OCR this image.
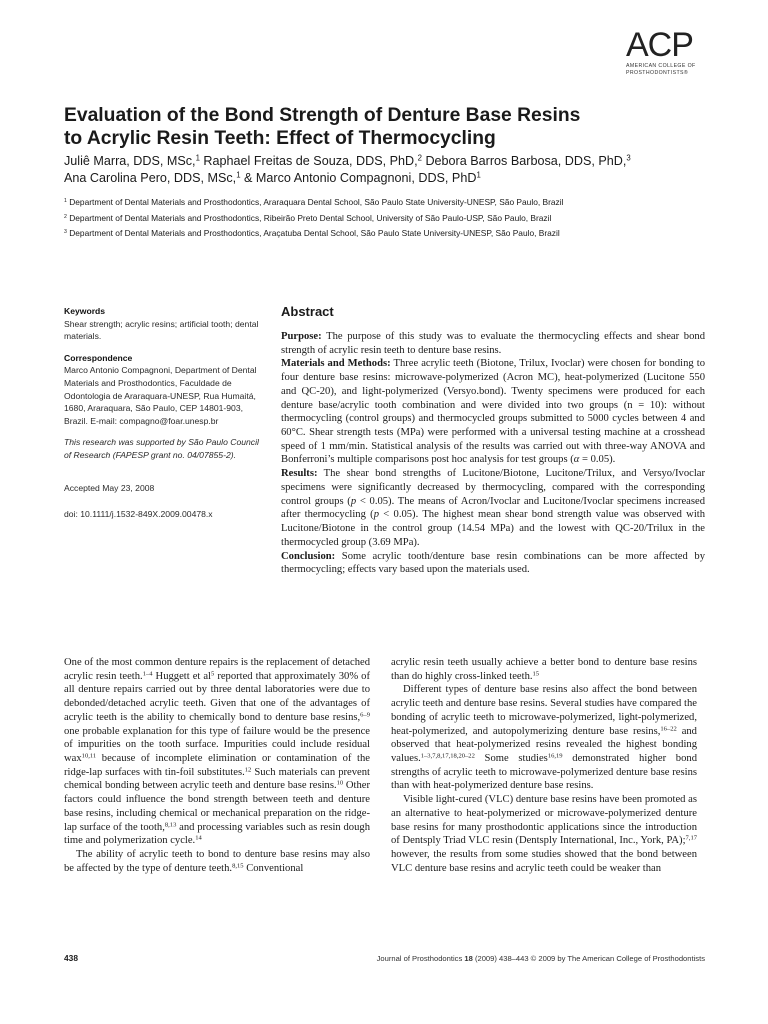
ACP
AMERICAN COLLEGE OF
PROSTHODONTISTS®
Evaluation of the Bond Strength of Denture Base Resins
to Acrylic Resin Teeth: Effect of Thermocycling
Juliê Marra, DDS, MSc,$^1$ Raphael Freitas de Souza, DDS, PhD,$^2$ Debora Barros Barbosa, DDS, PhD,$^3$
Ana Carolina Pero, DDS, MSc,$^1$ & Marco Antonio Compagnoni, DDS, PhD$^1$
$^1$ Department of Dental Materials and Prosthodontics, Araraquara Dental School, São Paulo State University-UNESP, São Paulo, Brazil
$^2$ Department of Dental Materials and Prosthodontics, Ribeirão Preto Dental School, University of São Paulo-USP, São Paulo, Brazil
$^3$ Department of Dental Materials and Prosthodontics, Araçatuba Dental School, São Paulo State University-UNESP, São Paulo, Brazil
Keywords
Shear strength; acrylic resins; artificial tooth; dental materials.
Correspondence
Marco Antonio Compagnoni, Department of Dental Materials and Prosthodontics, Faculdade de Odontologia de Araraquara-UNESP, Rua Humaitá, 1680, Araraquara, São Paulo, CEP 14801-903, Brazil. E-mail: compagno@foar.unesp.br
This research was supported by São Paulo Council of Research (FAPESP grant no. 04/07855-2).
Accepted May 23, 2008
doi: 10.1111/j.1532-849X.2009.00478.x
Abstract
Purpose: The purpose of this study was to evaluate the thermocycling effects and shear bond strength of acrylic resin teeth to denture base resins.
Materials and Methods: Three acrylic teeth (Biotone, Trilux, Ivoclar) were chosen for bonding to four denture base resins: microwave-polymerized (Acron MC), heat-polymerized (Lucitone 550 and QC-20), and light-polymerized (Versyo.bond). Twenty specimens were produced for each denture base/acrylic tooth combination and were divided into two groups (n = 10): without thermocycling (control groups) and thermocycled groups submitted to 5000 cycles between 4 and 60°C. Shear strength tests (MPa) were performed with a universal testing machine at a crosshead speed of 1 mm/min. Statistical analysis of the results was carried out with three-way ANOVA and Bonferroni’s multiple comparisons post hoc analysis for test groups (α = 0.05).
Results: The shear bond strengths of Lucitone/Biotone, Lucitone/Trilux, and Versyo/Ivoclar specimens were significantly decreased by thermocycling, compared with the corresponding control groups (p < 0.05). The means of Acron/Ivoclar and Lucitone/Ivoclar specimens increased after thermocycling (p < 0.05). The highest mean shear bond strength value was observed with Lucitone/Biotone in the control group (14.54 MPa) and the lowest with QC-20/Trilux in the thermocycled group (3.69 MPa).
Conclusion: Some acrylic tooth/denture base resin combinations can be more affected by thermocycling; effects vary based upon the materials used.

One of the most common denture repairs is the replacement of detached acrylic resin teeth.$^{1-4}$ Huggett et $al^5$ reported that approximately 30% of all denture repairs carried out by three dental laboratories were due to debonded/detached acrylic teeth. Given that one of the advantages of acrylic teeth is the ability to chemically bond to denture base resins,$^{6-9}$ one probable explanation for this type of failure would be the presence of impurities on the tooth surface. Impurities could include residual wax$^{10,11}$ because of incomplete elimination or contamination of the ridge-lap surfaces with tin-foil substitutes.$^{12}$ Such materials can prevent chemical bonding between acrylic teeth and denture base resins.$^{10}$ Other factors could influence the bond strength between teeth and denture base resins, including chemical or mechanical preparation on the ridge-lap surface of the tooth,$^{8,13}$ and processing variables such as resin dough time and polymerization cycle.$^{14}$

The ability of acrylic teeth to bond to denture base resins may also be affected by the type of denture teeth.$^{8,15}$ Conventional

acrylic resin teeth usually achieve a better bond to denture base resins than do highly cross-linked teeth.$^{15}$

Different types of denture base resins also affect the bond between acrylic teeth and denture base resins. Several studies have compared the bonding of acrylic teeth to microwave-polymerized, light-polymerized, heat-polymerized, and autopolymerizing denture base resins,$^{16-22}$ and observed that heat-polymerized resins revealed the highest bonding values.$^{1-3,7,8,17,18,20-22}$ Some studies$^{16,19}$ demonstrated higher bond strengths of acrylic teeth to microwave-polymerized denture base resins than with heat-polymerized denture base resins.

Visible light-cured (VLC) denture base resins have been promoted as an alternative to heat-polymerized or microwave-polymerized denture base resins for many prosthodontic applications since the introduction of Dentsply Triad VLC resin (Dentsply International, Inc., York, PA);$^{7,17}$ however, the results from some studies showed that the bond between VLC denture base resins and acrylic teeth could be weaker than

438	Journal of Prosthodontics 18 (2009) 438–443 © 2009 by The American College of Prosthodontists
